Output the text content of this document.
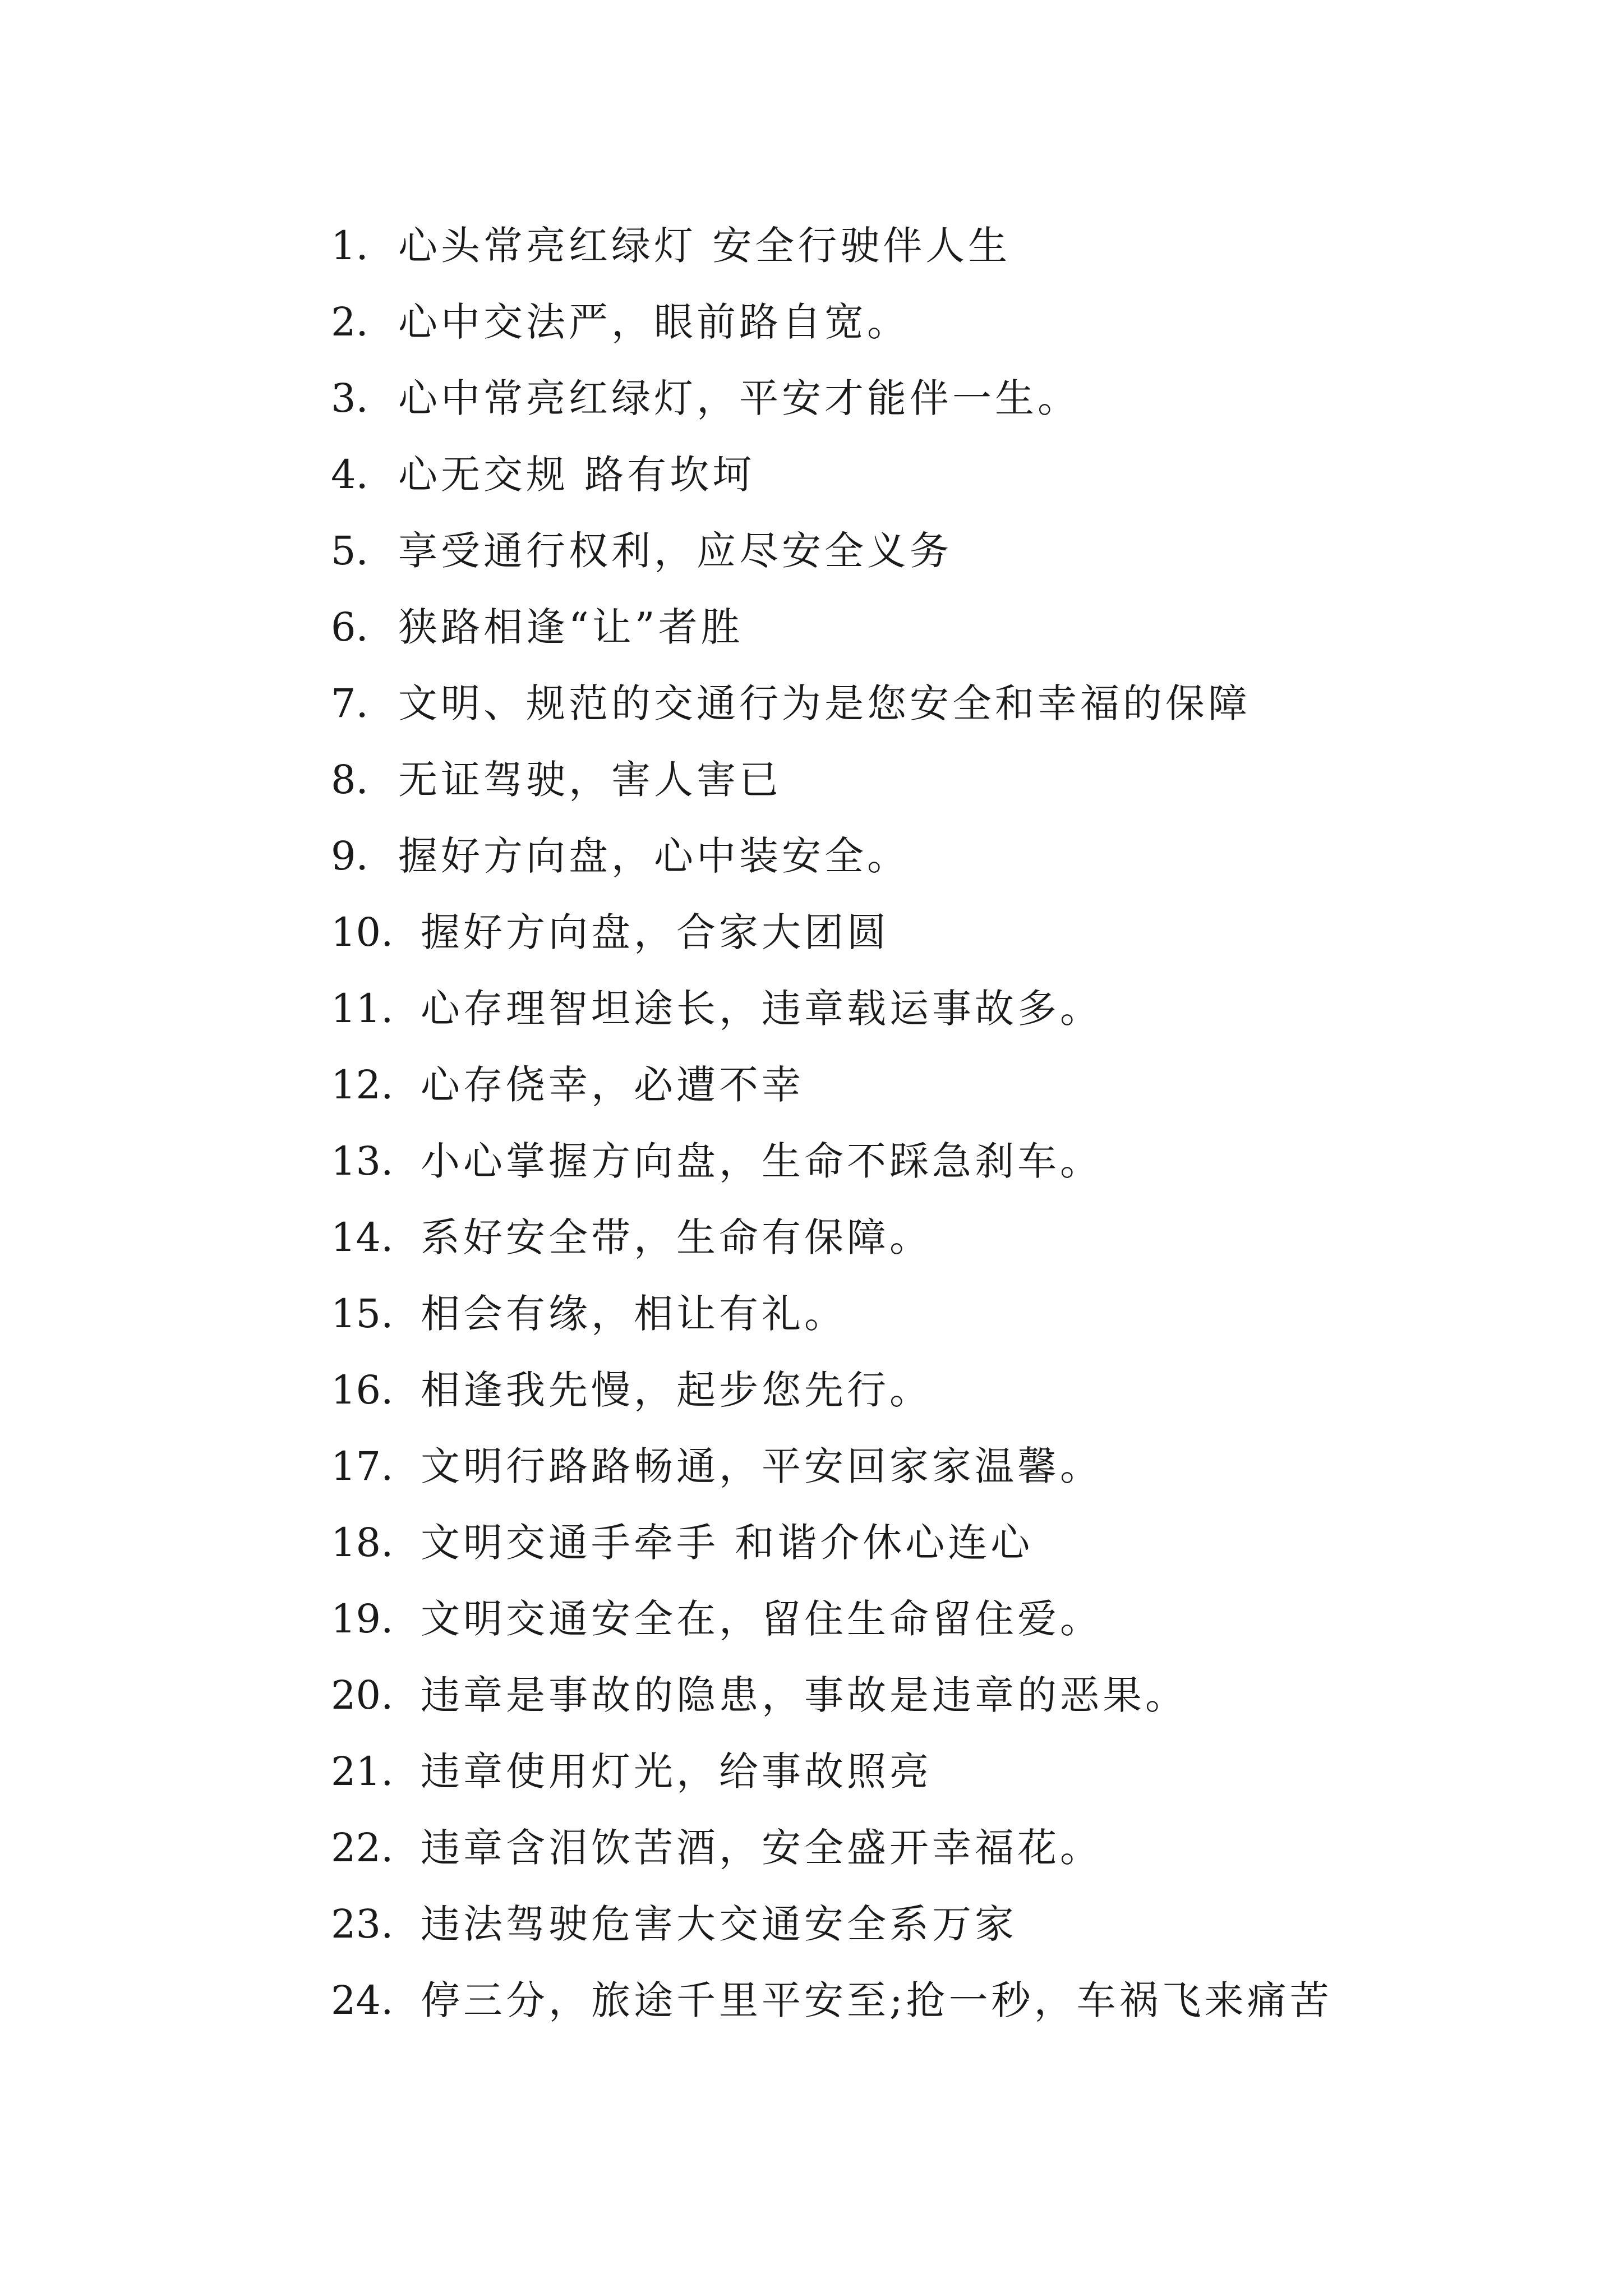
1. 心头常亮红绿灯 安全行驶伴人生
2. 心中交法严，眼前路自宽。
3. 心中常亮红绿灯，平安才能伴一生。
4. 心无交规 路有坎坷
5. 享受通行权利，应尽安全义务
6. 狭路相逢“让”者胜
7. 文明、规范的交通行为是您安全和幸福的保障
8. 无证驾驶，害人害已
9. 握好方向盘，心中装安全。
10. 握好方向盘，合家大团圆
11. 心存理智坦途长，违章载运事故多。
12. 心存侥幸，必遭不幸
13. 小心掌握方向盘，生命不踩急刹车。
14. 系好安全带，生命有保障。
15. 相会有缘，相让有礼。
16. 相逢我先慢，起步您先行。
17. 文明行路路畅通，平安回家家温馨。
18. 文明交通手牵手 和谐介休心连心
19. 文明交通安全在，留住生命留住爱。
20. 违章是事故的隐患，事故是违章的恶果。
21. 违章使用灯光，给事故照亮
22. 违章含泪饮苦酒，安全盛开幸福花。
23. 违法驾驶危害大交通安全系万家
24. 停三分，旅途千里平安至;抢一秒，车祸飞来痛苦
